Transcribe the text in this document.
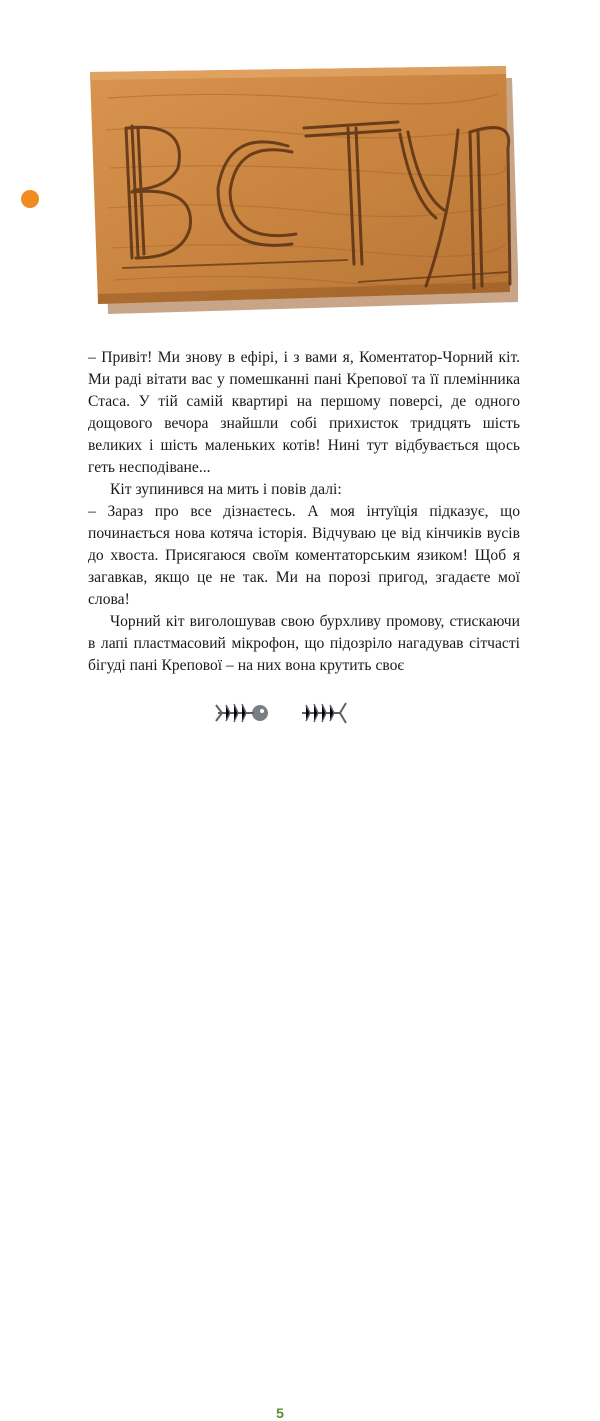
– Привіт! Ми знову в ефірі, і з вами я, Коментатор-Чорний кіт. Ми раді вітати вас у помешканні пані Крепової та її племінника Стаса. У тій самій квартирі на першому поверсі, де одного дощового вечора знайшли собі прихисток тридцять шість великих і шість маленьких котів! Нині тут відбувається щось геть несподіване...

Кіт зупинився на мить і повів далі:

– Зараз про все дізнаєтесь. А моя інтуїція підказує, що починається нова котяча історія. Відчуваю це від кінчиків вусів до хвоста. Присягаюся своїм коментаторським язиком! Щоб я загавкав, якщо це не так. Ми на порозі пригод, згадаєте мої слова!

Чорний кіт виголошував свою бурхливу промову, стискаючи в лапі пластмасовий мікрофон, що підозріло нагадував сітчасті бігуді пані Крепової – на них вона крутить своє

5
